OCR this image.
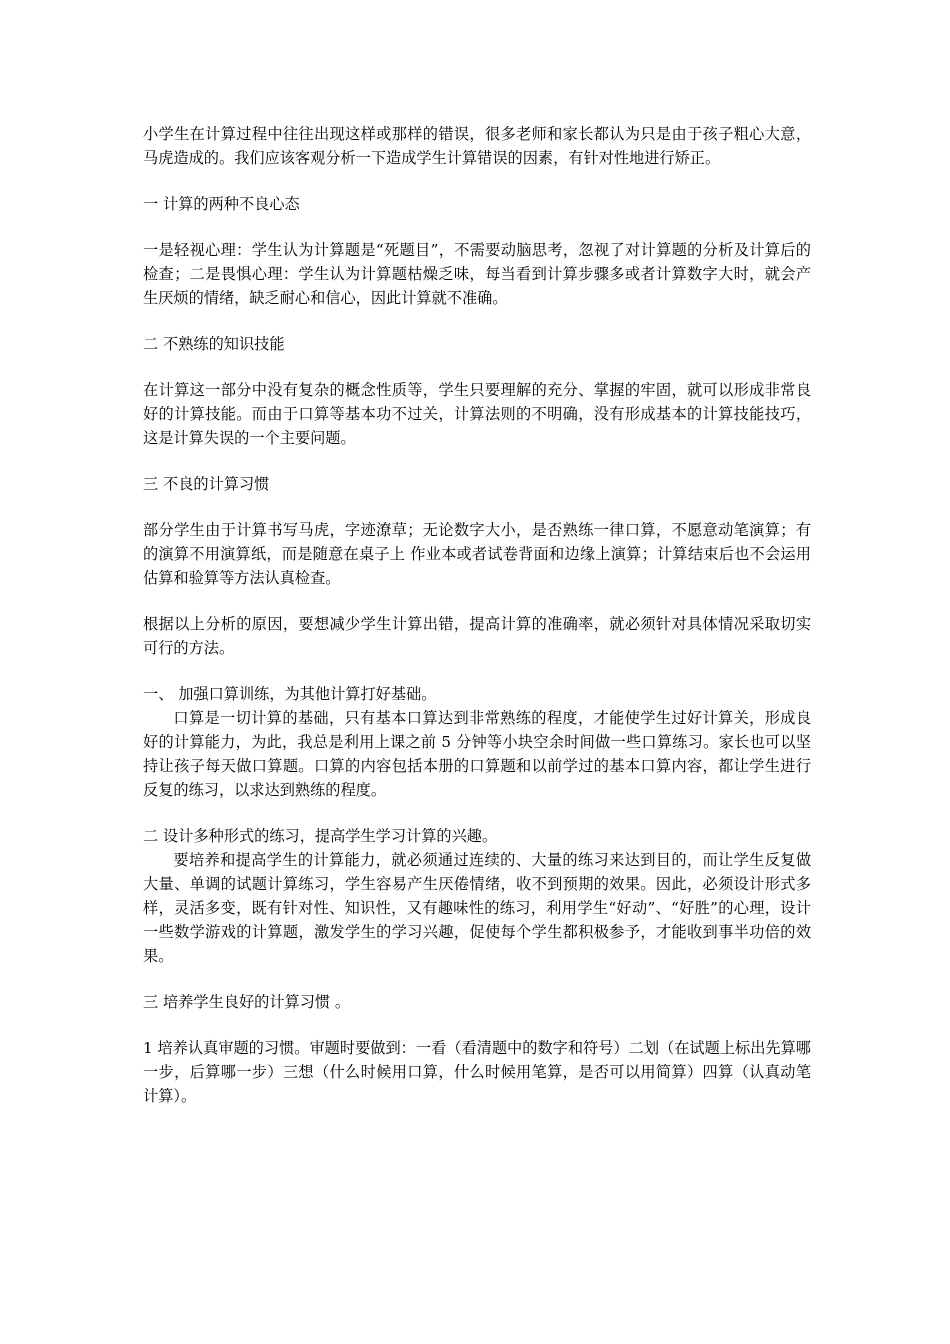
小学生在计算过程中往往出现这样或那样的错误，很多老师和家长都认为只是由于孩子粗心大意，马虎造成的。我们应该客观分析一下造成学生计算错误的因素，有针对性地进行矫正。

一 计算的两种不良心态

一是轻视心理：学生认为计算题是“死题目”，不需要动脑思考，忽视了对计算题的分析及计算后的检查；二是畏惧心理：学生认为计算题枯燥乏味，每当看到计算步骤多或者计算数字大时，就会产生厌烦的情绪，缺乏耐心和信心，因此计算就不准确。

二 不熟练的知识技能

在计算这一部分中没有复杂的概念性质等，学生只要理解的充分、掌握的牢固，就可以形成非常良好的计算技能。而由于口算等基本功不过关，计算法则的不明确，没有形成基本的计算技能技巧，这是计算失误的一个主要问题。

三 不良的计算习惯

部分学生由于计算书写马虎，字迹潦草；无论数字大小，是否熟练一律口算，不愿意动笔演算；有的演算不用演算纸，而是随意在桌子上 作业本或者试卷背面和边缘上演算；计算结束后也不会运用估算和验算等方法认真检查。

根据以上分析的原因，要想减少学生计算出错，提高计算的准确率，就必须针对具体情况采取切实可行的方法。

一、 加强口算训练，为其他计算打好基础。

口算是一切计算的基础，只有基本口算达到非常熟练的程度，才能使学生过好计算关，形成良好的计算能力，为此，我总是利用上课之前 5 分钟等小块空余时间做一些口算练习。家长也可以坚持让孩子每天做口算题。口算的内容包括本册的口算题和以前学过的基本口算内容，都让学生进行反复的练习，以求达到熟练的程度。

二 设计多种形式的练习，提高学生学习计算的兴趣。

要培养和提高学生的计算能力，就必须通过连续的、大量的练习来达到目的，而让学生反复做大量、单调的试题计算练习，学生容易产生厌倦情绪，收不到预期的效果。因此，必须设计形式多样，灵活多变，既有针对性、知识性，又有趣味性的练习，利用学生“好动”、“好胜”的心理，设计一些数学游戏的计算题，激发学生的学习兴趣，促使每个学生都积极参予，才能收到事半功倍的效果。

三 培养学生良好的计算习惯 。

1 培养认真审题的习惯。审题时要做到：一看（看清题中的数字和符号）二划（在试题上标出先算哪一步，后算哪一步）三想（什么时候用口算，什么时候用笔算，是否可以用简算）四算（认真动笔计算）。
